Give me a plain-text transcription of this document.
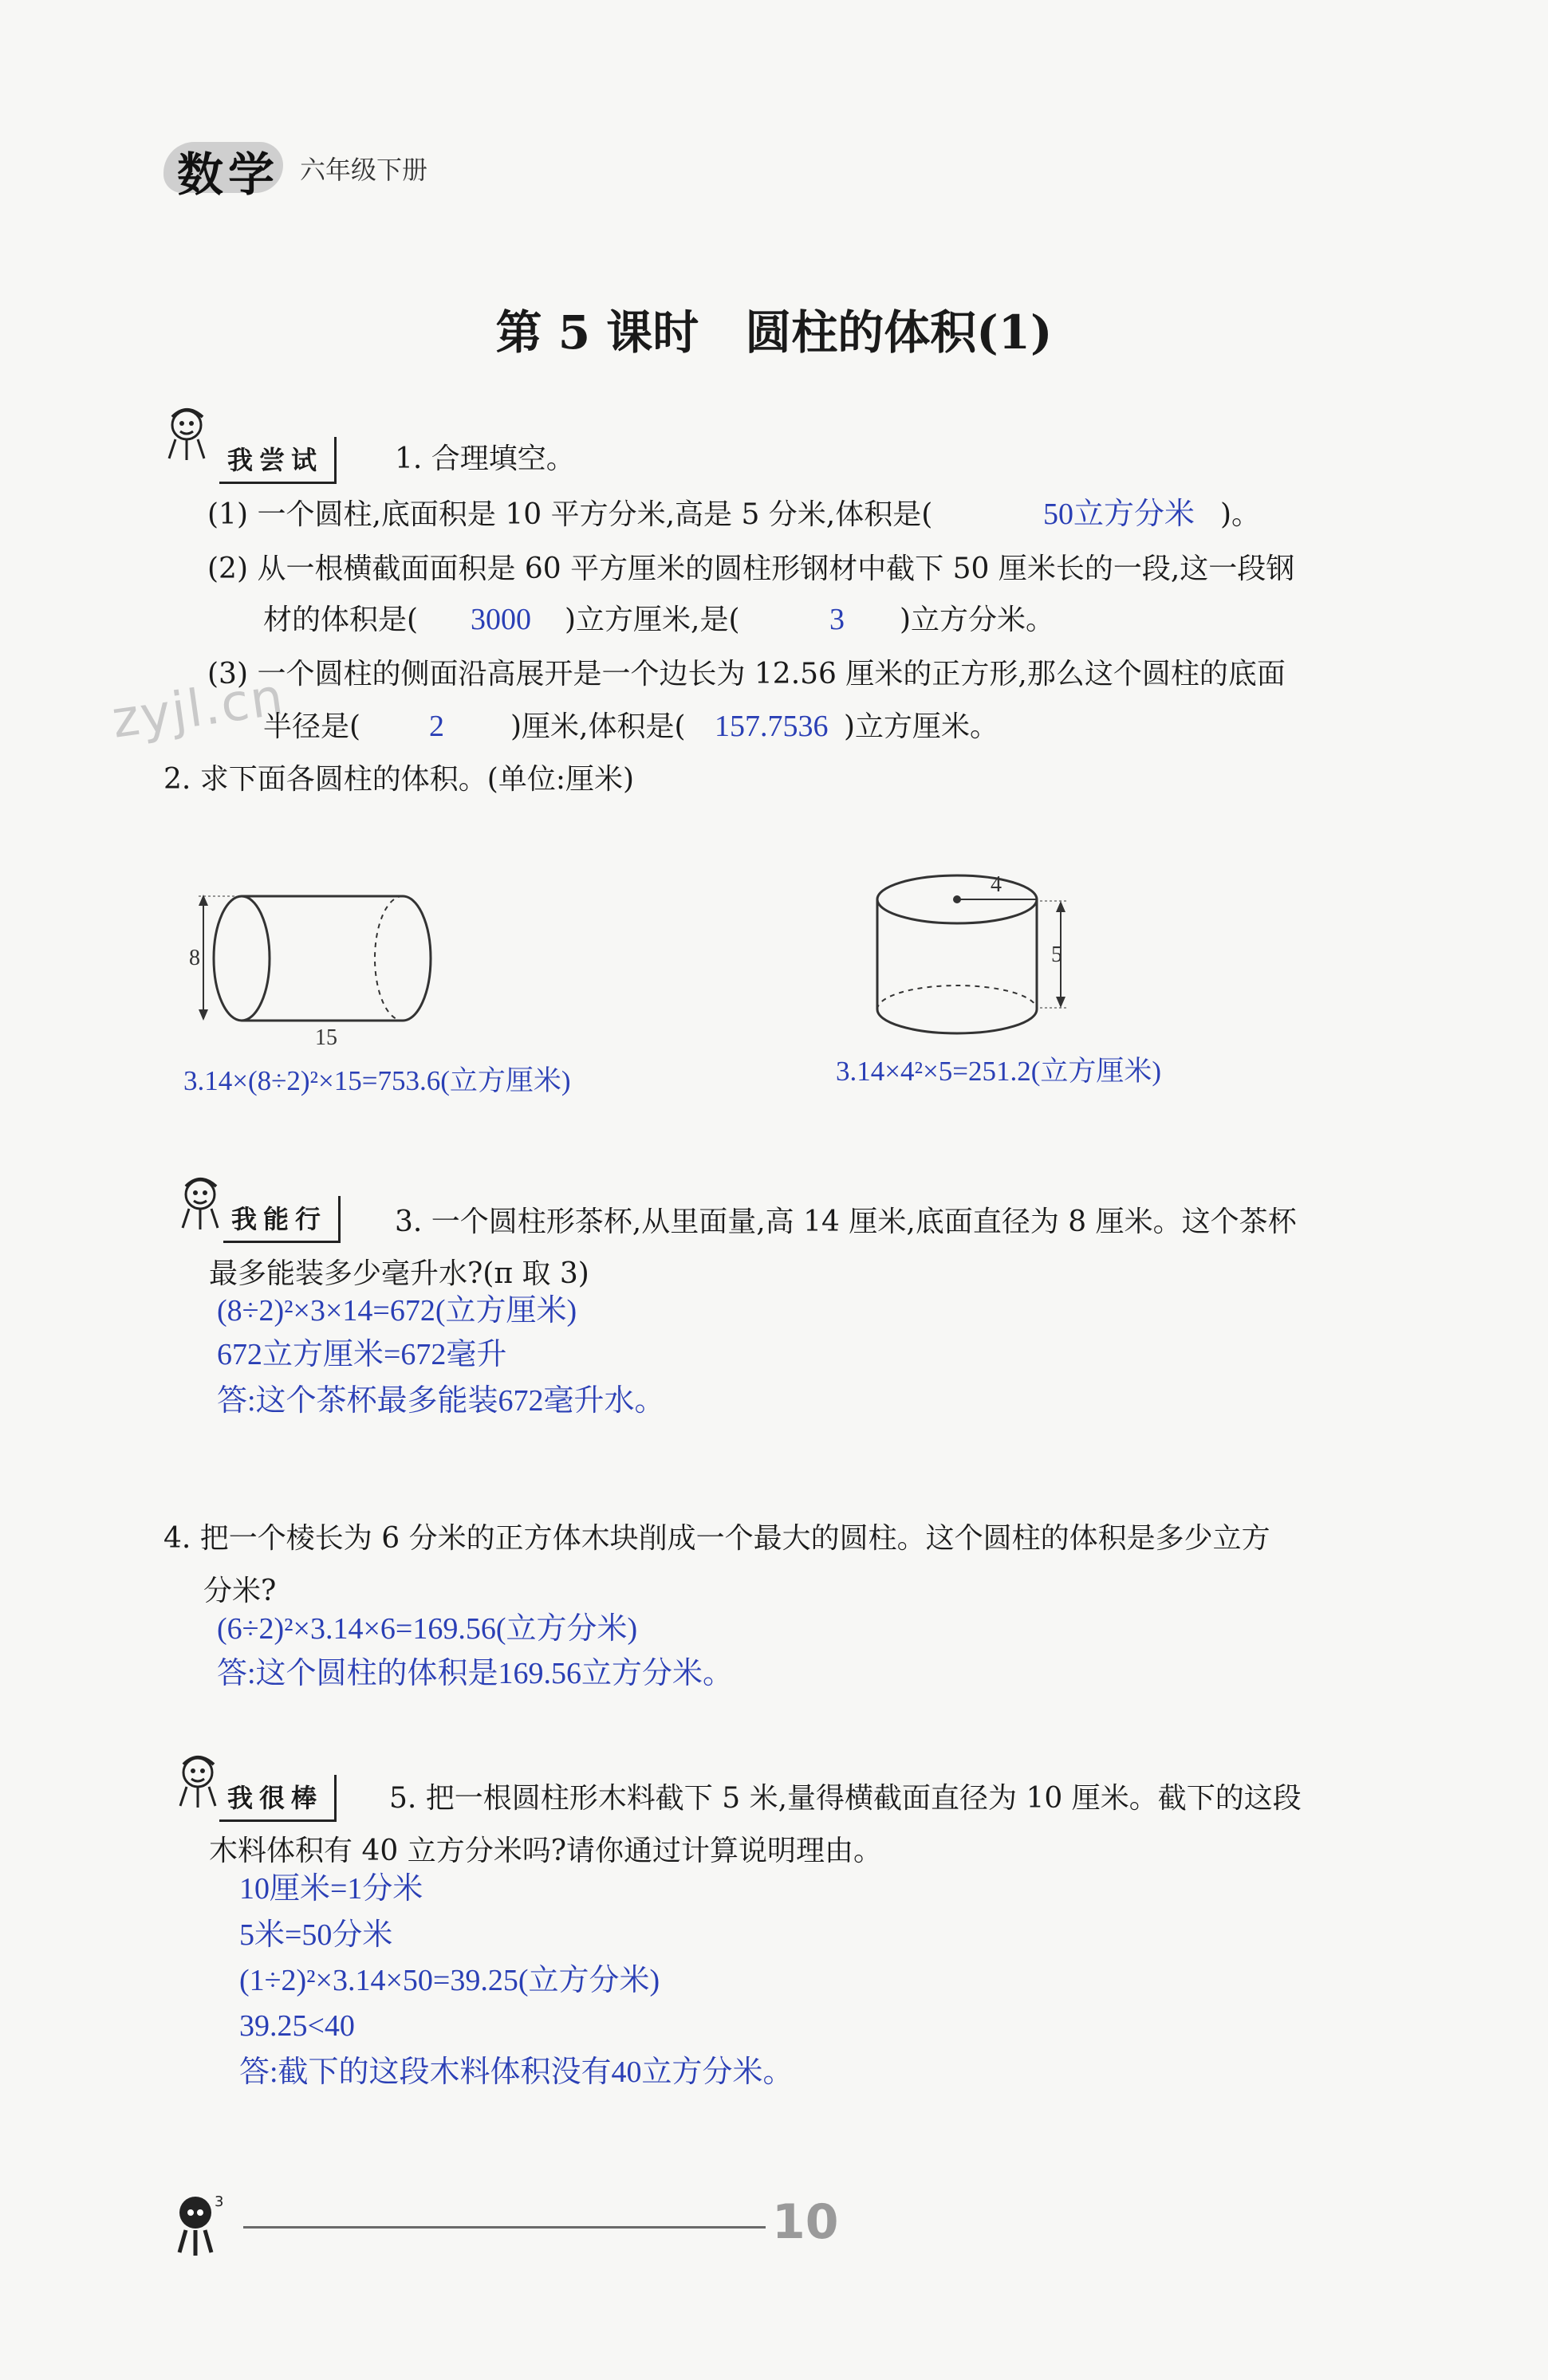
数学 六年级下册
第 5 课时　圆柱的体积(1)
zyjl.cn
我尝试	1. 合理填空。
(1) 一个圆柱,底面积是 10 平方分米,高是 5 分米,体积是(	50立方分米 )。
(2) 从一根横截面面积是 60 平方厘米的圆柱形钢材中截下 50 厘米长的一段,这一段钢
材的体积是( 3000 )立方厘米,是(	3 )立方分米。
(3) 一个圆柱的侧面沿高展开是一个边长为 12.56 厘米的正方形,那么这个圆柱的底面
半径是( 2 )厘米,体积是( 157.7536 )立方厘米。
2. 求下面各圆柱的体积。(单位:厘米)
8
15
3.14×(8÷2)²×15=753.6(立方厘米)
4
5
3.14×4²×5=251.2(立方厘米)
我能行	3. 一个圆柱形茶杯,从里面量,高 14 厘米,底面直径为 8 厘米。这个茶杯
最多能装多少毫升水?(π 取 3)
(8÷2)²×3×14=672(立方厘米)
672立方厘米=672毫升
答:这个茶杯最多能装672毫升水。
4. 把一个棱长为 6 分米的正方体木块削成一个最大的圆柱。这个圆柱的体积是多少立方
分米?
(6÷2)²×3.14×6=169.56(立方分米)
答:这个圆柱的体积是169.56立方分米。
我很棒	5. 把一根圆柱形木料截下 5 米,量得横截面直径为 10 厘米。截下的这段
木料体积有 40 立方分米吗?请你通过计算说明理由。
10厘米=1分米
5米=50分米
(1÷2)²×3.14×50=39.25(立方分米)
39.25<40
答:截下的这段木料体积没有40立方分米。
3	10
